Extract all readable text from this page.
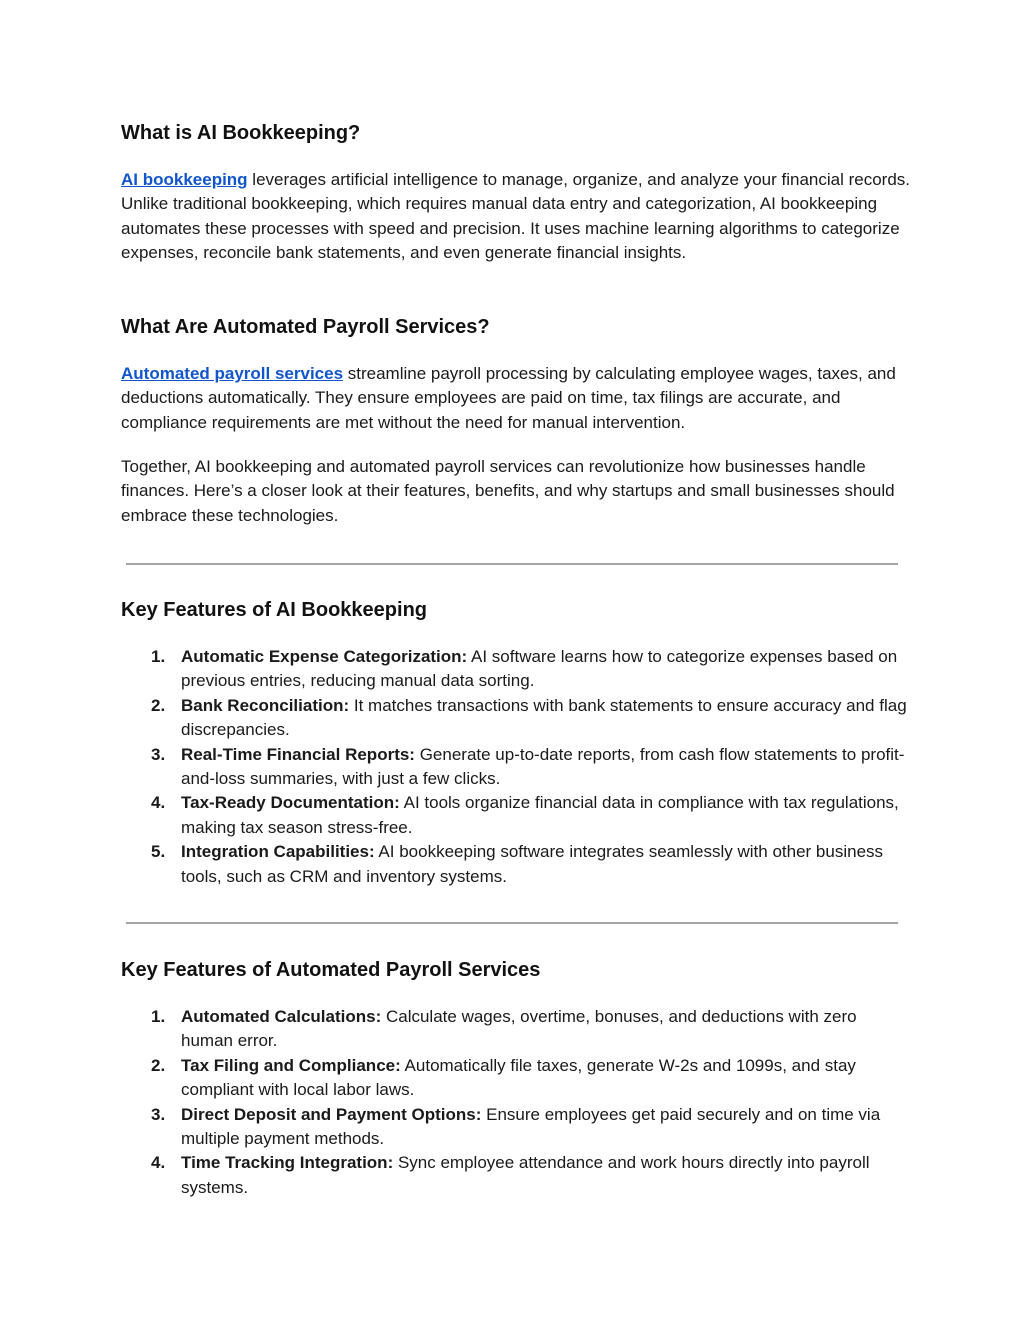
What is AI Bookkeeping?

AI bookkeeping leverages artificial intelligence to manage, organize, and analyze your financial records. Unlike traditional bookkeeping, which requires manual data entry and categorization, AI bookkeeping automates these processes with speed and precision. It uses machine learning algorithms to categorize expenses, reconcile bank statements, and even generate financial insights.

What Are Automated Payroll Services?

Automated payroll services streamline payroll processing by calculating employee wages, taxes, and deductions automatically. They ensure employees are paid on time, tax filings are accurate, and compliance requirements are met without the need for manual intervention.

Together, AI bookkeeping and automated payroll services can revolutionize how businesses handle finances. Here’s a closer look at their features, benefits, and why startups and small businesses should embrace these technologies.

Key Features of AI Bookkeeping
1. Automatic Expense Categorization: AI software learns how to categorize expenses based on previous entries, reducing manual data sorting.
2. Bank Reconciliation: It matches transactions with bank statements to ensure accuracy and flag discrepancies.
3. Real-Time Financial Reports: Generate up-to-date reports, from cash flow statements to profit-and-loss summaries, with just a few clicks.
4. Tax-Ready Documentation: AI tools organize financial data in compliance with tax regulations, making tax season stress-free.
5. Integration Capabilities: AI bookkeeping software integrates seamlessly with other business tools, such as CRM and inventory systems.
Key Features of Automated Payroll Services
1. Automated Calculations: Calculate wages, overtime, bonuses, and deductions with zero human error.
2. Tax Filing and Compliance: Automatically file taxes, generate W-2s and 1099s, and stay compliant with local labor laws.
3. Direct Deposit and Payment Options: Ensure employees get paid securely and on time via multiple payment methods.
4. Time Tracking Integration: Sync employee attendance and work hours directly into payroll systems.
